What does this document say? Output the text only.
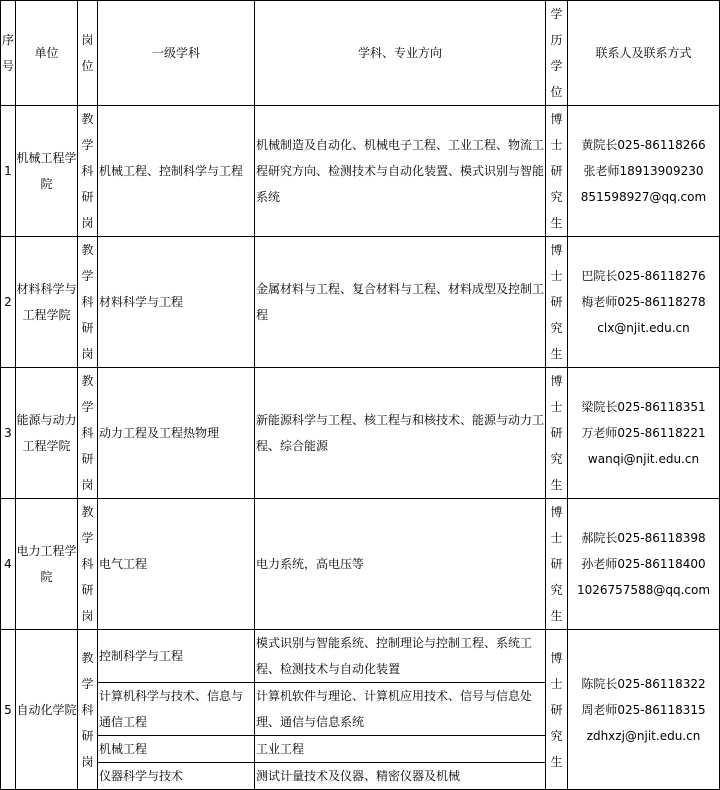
序号	单位	岗位	一级学科	学科、专业方向	学历学位	联系人及联系方式
1	机械工程学院	教学科研岗	机械工程、控制科学与工程	机械制造及自动化、机械电子工程、工业工程、物流工程研究方向、检测技术与自动化装置、模式识别与智能系统	博士研究生	黄院长025-86118266
张老师18913909230
851598927@qq.com

2	材料科学与工程学院	教学科研岗	材料科学与工程	金属材料与工程、复合材料与工程、材料成型及控制工程	博士研究生	巴院长025-86118276
梅老师025-86118278
clx@njit.edu.cn

3	能源与动力工程学院	教学科研岗	动力工程及工程热物理	新能源科学与工程、核工程与和核技术、能源与动力工程、综合能源	博士研究生	梁院长025-86118351
万老师025-86118221
wanqi@njit.edu.cn

4	电力工程学院	教学科研岗	电气工程	电力系统，高电压等	博士研究生	郝院长025-86118398
孙老师025-86118400
1026757588@qq.com

5	自动化学院	教学科研岗	控制科学与工程	模式识别与智能系统、控制理论与控制工程、系统工程、检测技术与自动化装置	博士研究生	陈院长025-86118322
周老师025-86118315
zdhxzj@njit.edu.cn

			计算机科学与技术、信息与通信工程	计算机软件与理论、计算机应用技术、信号与信息处理、通信与信息系统		
			机械工程	工业工程		
			仪器科学与技术	测试计量技术及仪器、精密仪器及机械		
